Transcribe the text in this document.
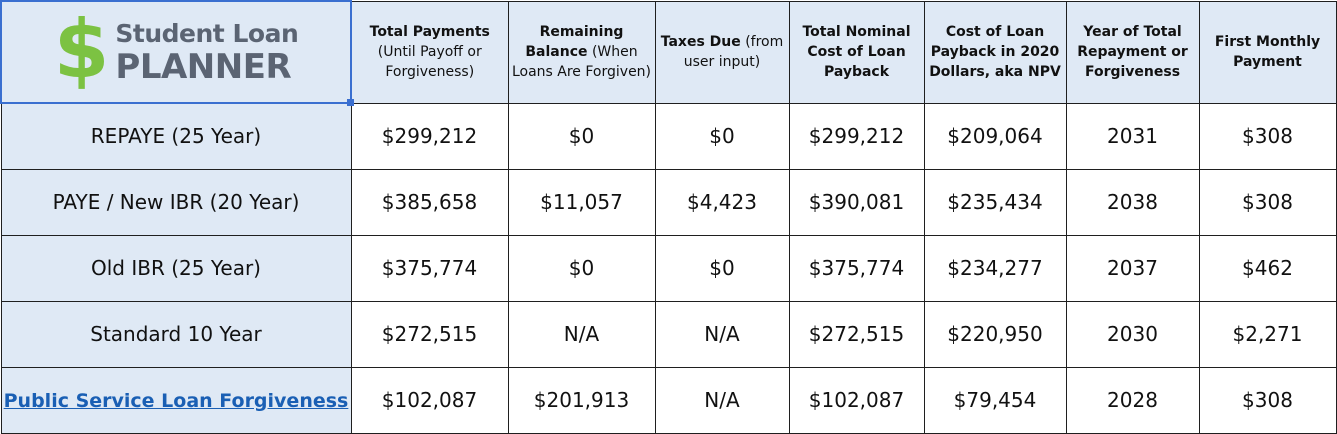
$ Student Loan
PLANNER	Total Payments (Until Payoff or Forgiveness)	Remaining Balance (When Loans Are Forgiven)	Taxes Due (from user input)	Total Nominal Cost of Loan Payback	Cost of Loan Payback in 2020 Dollars, aka NPV	Year of Total Repayment or Forgiveness	First Monthly Payment
REPAYE (25 Year)	$299,212	$0	$0	$299,212	$209,064	2031	$308
PAYE / New IBR (20 Year)	$385,658	$11,057	$4,423	$390,081	$235,434	2038	$308
Old IBR (25 Year)	$375,774	$0	$0	$375,774	$234,277	2037	$462
Standard 10 Year	$272,515	N/A	N/A	$272,515	$220,950	2030	$2,271
Public Service Loan Forgiveness	$102,087	$201,913	N/A	$102,087	$79,454	2028	$308
